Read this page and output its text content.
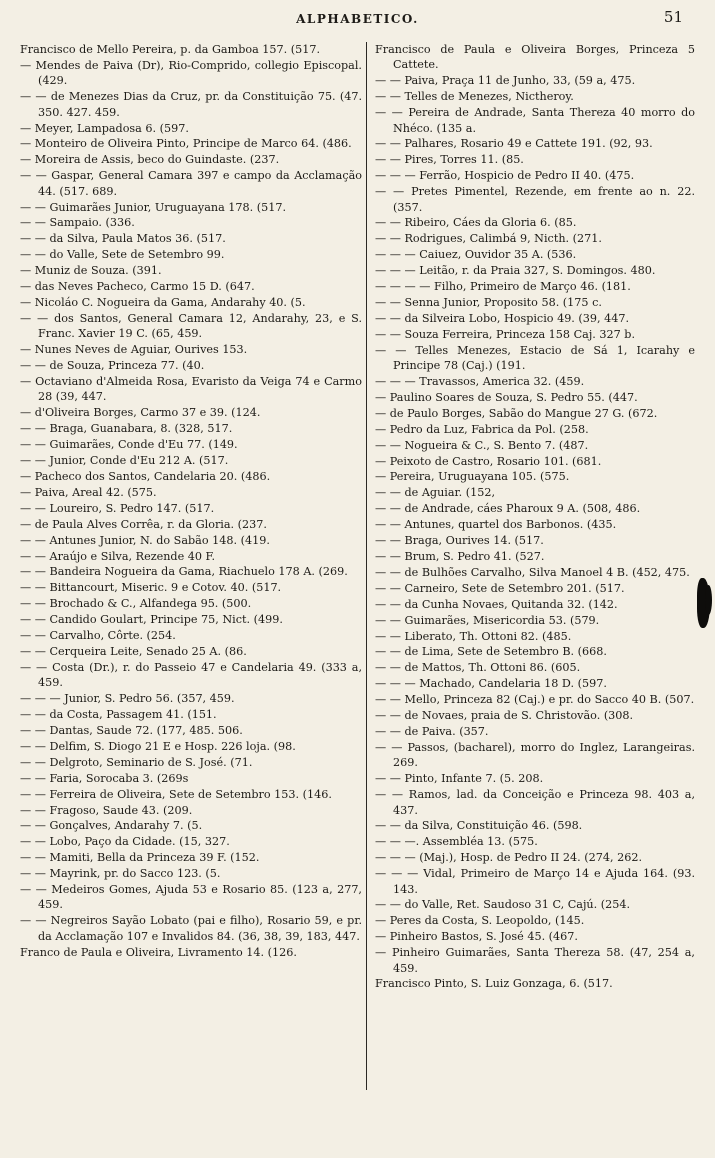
ALPHABETICO.	51
Francisco de Mello Pereira, p. da Gamboa 157. (517.
— Mendes de Paiva (Dr), Rio-Comprido, collegio Episcopal. (429.
— — de Menezes Dias da Cruz, pr. da Constituição 75. (47. 350. 427. 459.
— Meyer, Lampadosa 6. (597.
— Monteiro de Oliveira Pinto, Principe de Marco 64. (486.
— Moreira de Assis, beco do Guindaste. (237.
— — Gaspar, General Camara 397 e campo da Acclamação 44. (517. 689.
— — Guimarães Junior, Uruguayana 178. (517.
— — Sampaio. (336.
— — da Silva, Paula Matos 36. (517.
— — do Valle, Sete de Setembro 99.
— Muniz de Souza. (391.
— das Neves Pacheco, Carmo 15 D. (647.
— Nicoláo C. Nogueira da Gama, Andarahy 40. (5.
— — dos Santos, General Camara 12, Andarahy, 23, e S. Franc. Xavier 19 C. (65, 459.
— Nunes Neves de Aguiar, Ourives 153.
— — de Souza, Princeza 77. (40.
— Octaviano d'Almeida Rosa, Evaristo da Veiga 74 e Carmo 28 (39, 447.
— d'Oliveira Borges, Carmo 37 e 39. (124.
— — Braga, Guanabara, 8. (328, 517.
— — Guimarães, Conde d'Eu 77. (149.
— — Junior, Conde d'Eu 212 A. (517.
— Pacheco dos Santos, Candelaria 20. (486.
— Paiva, Areal 42. (575.
— — Loureiro, S. Pedro 147. (517.
— de Paula Alves Corrêa, r. da Gloria. (237.
— — Antunes Junior, N. do Sabão 148. (419.
— — Araújo e Silva, Rezende 40 F.
— — Bandeira Nogueira da Gama, Riachuelo 178 A. (269.
— — Bittancourt, Miseric. 9 e Cotov. 40. (517.
— — Brochado & C., Alfandega 95. (500.
— — Candido Goulart, Principe 75, Nict. (499.
— — Carvalho, Côrte. (254.
— — Cerqueira Leite, Senado 25 A. (86.
— — Costa (Dr.), r. do Passeio 47 e Candelaria 49. (333 a, 459.
— — — Junior, S. Pedro 56. (357, 459.
— — da Costa, Passagem 41. (151.
— — Dantas, Saude 72. (177, 485. 506.
— — Delfim, S. Diogo 21 E e Hosp. 226 loja. (98.
— — Delgroto, Seminario de S. José. (71.
— — Faria, Sorocaba 3. (269s
— — Ferreira de Oliveira, Sete de Setembro 153. (146.
— — Fragoso, Saude 43. (209.
— — Gonçalves, Andarahy 7. (5.
— — Lobo, Paço da Cidade. (15, 327.
— — Mamiti, Bella da Princeza 39 F. (152.
— — Mayrink, pr. do Sacco 123. (5.
— — Medeiros Gomes, Ajuda 53 e Rosario 85. (123 a, 277, 459.
— — Negreiros Sayão Lobato (pai e filho), Rosario 59, e pr. da Acclamação 107 e Invalidos 84. (36, 38, 39, 183, 447.
Franco de Paula e Oliveira, Livramento 14. (126.
Francisco de Paula e Oliveira Borges, Princeza 5 Cattete.
— — Paiva, Praça 11 de Junho, 33, (59 a, 475.
— — Telles de Menezes, Nictheroy.
— — Pereira de Andrade, Santa Thereza 40 morro do Nhéco. (135 a.
— — Palhares, Rosario 49 e Cattete 191. (92, 93.
— — Pires, Torres 11. (85.
— — — Ferrão, Hospicio de Pedro II 40. (475.
— — Pretes Pimentel, Rezende, em frente ao n. 22. (357.
— — Ribeiro, Cáes da Gloria 6. (85.
— — Rodrigues, Calimbá 9, Nicth. (271.
— — — Caiuez, Ouvidor 35 A. (536.
— — — Leitão, r. da Praia 327, S. Domingos. 480.
— — — — Filho, Primeiro de Março 46. (181.
— — Senna Junior, Proposito 58. (175 c.
— — da Silveira Lobo, Hospicio 49. (39, 447.
— — Souza Ferreira, Princeza 158 Caj. 327 b.
— — Telles Menezes, Estacio de Sá 1, Icarahy e Principe 78 (Caj.) (191.
— — — Travassos, America 32. (459.
— Paulino Soares de Souza, S. Pedro 55. (447.
— de Paulo Borges, Sabão do Mangue 27 G. (672.
— Pedro da Luz, Fabrica da Pol. (258.
— — Nogueira & C., S. Bento 7. (487.
— Peixoto de Castro, Rosario 101. (681.
— Pereira, Uruguayana 105. (575.
— — de Aguiar. (152,
— — de Andrade, cáes Pharoux 9 A. (508, 486.
— — Antunes, quartel dos Barbonos. (435.
— — Braga, Ourives 14. (517.
— — Brum, S. Pedro 41. (527.
— — de Bulhões Carvalho, Silva Manoel 4 B. (452, 475.
— — Carneiro, Sete de Setembro 201. (517.
— — da Cunha Novaes, Quitanda 32. (142.
— — Guimarães, Misericordia 53. (579.
— — Liberato, Th. Ottoni 82. (485.
— — de Lima, Sete de Setembro B. (668.
— — de Mattos, Th. Ottoni 86. (605.
— — — Machado, Candelaria 18 D. (597.
— — Mello, Princeza 82 (Caj.) e pr. do Sacco 40 B. (507.
— — de Novaes, praia de S. Christovão. (308.
— — de Paiva. (357.
— — Passos, (bacharel), morro do Inglez, Larangeiras. 269.
— — Pinto, Infante 7. (5. 208.
— — Ramos, lad. da Conceição e Princeza 98. 403 a, 437.
— — da Silva, Constituição 46. (598.
— — —. Assembléa 13. (575.
— — — (Maj.), Hosp. de Pedro II 24. (274, 262.
— — — Vidal, Primeiro de Março 14 e Ajuda 164. (93. 143.
— — do Valle, Ret. Saudoso 31 C, Cajú. (254.
— Peres da Costa, S. Leopoldo, (145.
— Pinheiro Bastos, S. José 45. (467.
— Pinheiro Guimarães, Santa Thereza 58. (47, 254 a, 459.
Francisco Pinto, S. Luiz Gonzaga, 6. (517.
